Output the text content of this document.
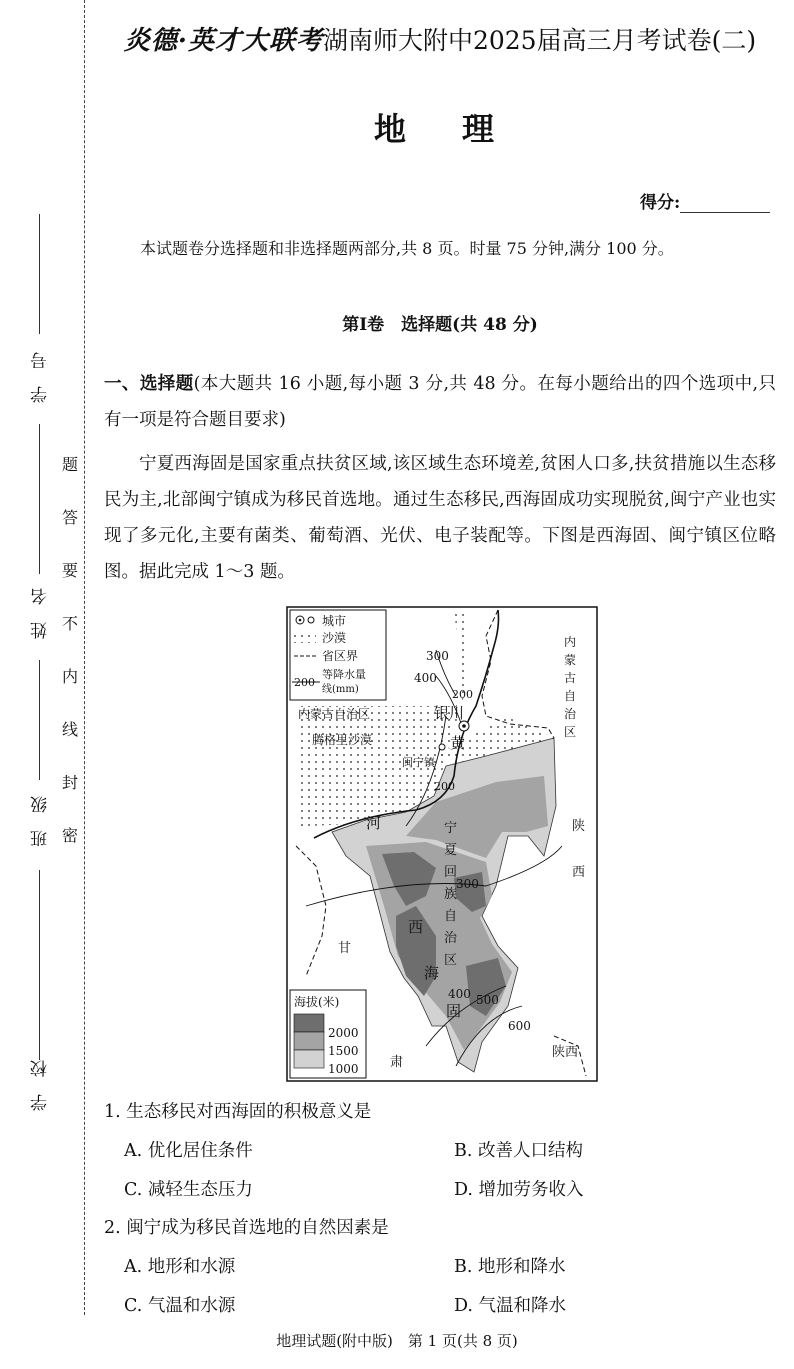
学　号
姓　名
班　级
学　校
题
答
要
不
内
线
封
密
炎德·英才大联考湖南师大附中2025届高三月考试卷(二)
地　理
得分:
本试题卷分选择题和非选择题两部分,共 8 页。时量 75 分钟,满分 100 分。
第Ⅰ卷　选择题(共 48 分)
一、选择题(本大题共 16 小题,每小题 3 分,共 48 分。在每小题给出的四个选项中,只有一项是符合题目要求)
宁夏西海固是国家重点扶贫区域,该区域生态环境差,贫困人口多,扶贫措施以生态移民为主,北部闽宁镇成为移民首选地。通过生态移民,西海固成功实现脱贫,闽宁产业也实现了多元化,主要有菌类、葡萄酒、光伏、电子装配等。下图是西海固、闽宁镇区位略图。据此完成 1～3 题。
城市
沙漠
省区界
200
等降水量
线(mm)
内蒙古自治区
腾格里沙漠
银川
闽宁镇
黄
河	宁
夏
回
族
自
治
区
内
蒙
古
自
治
区
陕
西
陕西
甘
肃
西
海
固
300
400
200
200
300
400 500
600
海拔(米)
2000
1500
1000
1. 生态移民对西海固的积极意义是
A. 优化居住条件	B. 改善人口结构
C. 减轻生态压力	D. 增加劳务收入
2. 闽宁成为移民首选地的自然因素是
A. 地形和水源	B. 地形和降水
C. 气温和水源	D. 气温和降水
地理试题(附中版)　第 1 页(共 8 页)
